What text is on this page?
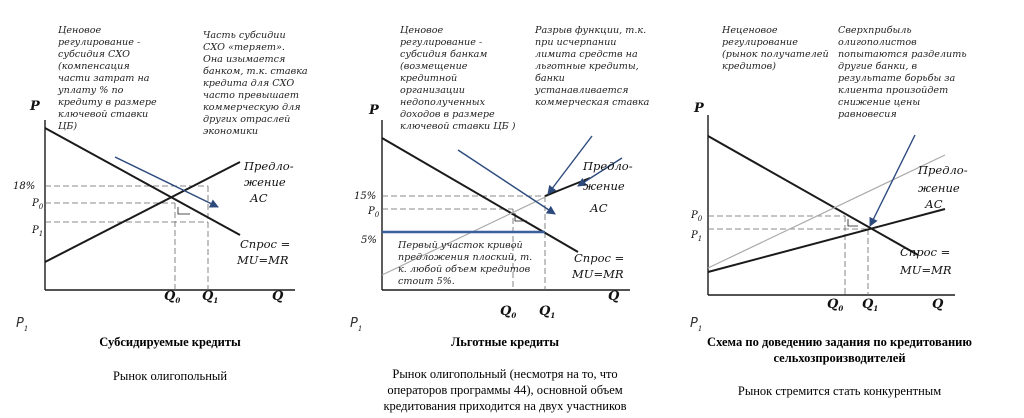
Ценовое регулирование - субсидия СХО (компенсация части затрат на уплату % по кредиту в размере ключевой ставки ЦБ)
Часть субсидии СХО «теряет». Она изымается банком, т.к. ставка кредита для СХО часто превышает коммерческую для других отраслей экономики
P
Q
18%
$P_0$
$P_1$
$Q_0$ $Q_1$
Предло- жение АС
Спрос = MU=MR
$P_1$
Ценовое регулирование - субсидия банкам (возмещение кредитной организации недополученных доходов в размере ключевой ставки ЦБ )
Разрыв функции, т.к. при исчерпании лимита средств на льготные кредиты, банки устанавливается коммерческая ставка
P
Q
15%
$P_0$
5%
$Q_0$ $Q_1$
Предло- жение АС
Спрос = MU=MR
Первый участок кривой предложения плоский, т. к. любой объем кредитов стоит 5%.
$P_1$
Неценовое регулирование (рынок получателей кредитов)
Сверхприбыль олигополистов попытаются разделить другие банки, в результате борьбы за клиента произойдет снижение цены равновесия
P
Q
$P_0$
$P_1$
$Q_0$ $Q_1$
Предло- жение АС
Спрос = MU=MR
$P_1$
Субсидируемые кредиты
Рынок олигопольный
Льготные кредиты
Рынок олигопольный (несмотря на то, что
операторов программы 44), основной объем
кредитования приходится на двух участников
Схема по доведению задания по кредитованию сельхозпроизводителей
Рынок стремится стать конкурентным
